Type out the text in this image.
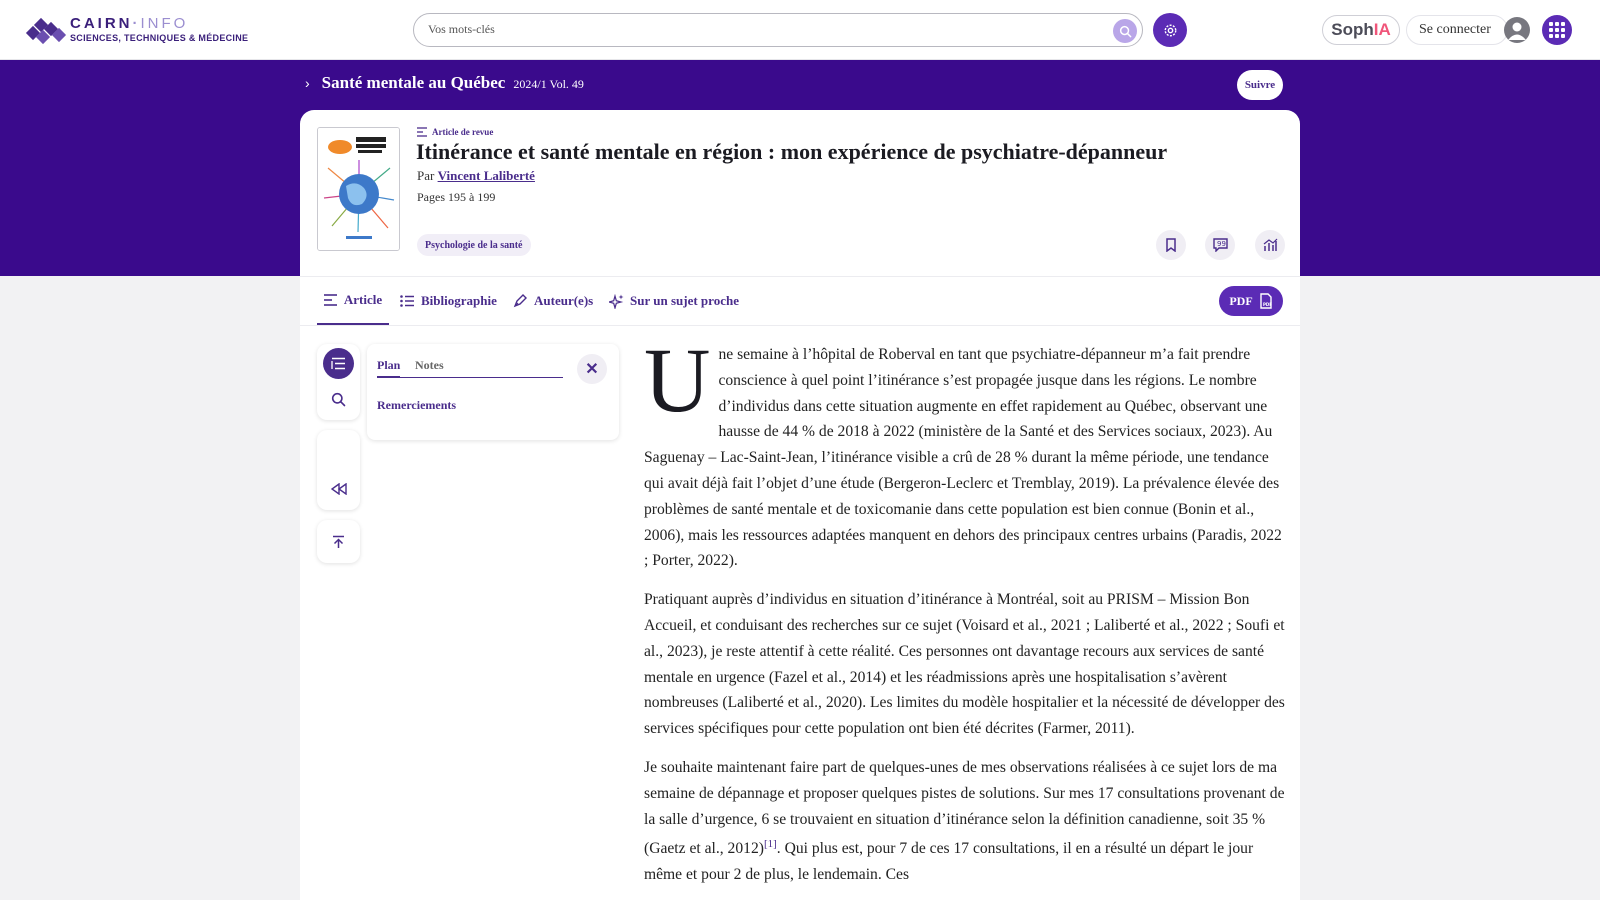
CAIRN·INFO
SCIENCES, TECHNIQUES & MÉDECINE
Vos mots-clés	Soph IA Se connecter
› Santé mentale au Québec 2024/1 Vol. 49	Suivre
Article de revue
Itinérance et santé mentale en région : mon expérience de psychiatre-dépanneur
Par Vincent Laliberté
Pages 195 à 199
Psychologie de la santé	99
Article	Bibliographie	Auteur(e)s	Sur un sujet proche	PDF	PDF
Plan Notes	✕
Remerciements Une semaine à l’hôpital de Roberval en tant que psychiatre-dépanneur m’a fait prendre conscience à quel point l’itinérance s’est propagée jusque dans les régions. Le nombre d’individus dans cette situation augmente en effet rapidement au Québec, observant une hausse de 44 % de 2018 à 2022 (ministère de la Santé et des Services sociaux, 2023). Au Saguenay – Lac-Saint-Jean, l’itinérance visible a crû de 28 % durant la même période, une tendance qui avait déjà fait l’objet d’une étude (Bergeron-Leclerc et Tremblay, 2019). La prévalence élevée des problèmes de santé mentale et de toxicomanie dans cette population est bien connue (Bonin et al., 2006), mais les ressources adaptées manquent en dehors des principaux centres urbains (Paradis, 2022 ; Porter, 2022).

Pratiquant auprès d’individus en situation d’itinérance à Montréal, soit au PRISM – Mission Bon Accueil, et conduisant des recherches sur ce sujet (Voisard et al., 2021 ; Laliberté et al., 2022 ; Soufi et al., 2023), je reste attentif à cette réalité. Ces personnes ont davantage recours aux services de santé mentale en urgence (Fazel et al., 2014) et les réadmissions après une hospitalisation s’avèrent nombreuses (Laliberté et al., 2020). Les limites du modèle hospitalier et la nécessité de développer des services spécifiques pour cette population ont bien été décrites (Farmer, 2011).

Je souhaite maintenant faire part de quelques-unes de mes observations réalisées à ce sujet lors de ma semaine de dépannage et proposer quelques pistes de solutions. Sur mes 17 consultations provenant de la salle d’urgence, 6 se trouvaient en situation d’itinérance selon la définition canadienne, soit 35 % (Gaetz et al., 2012)[1]. Qui plus est, pour 7 de ces 17 consultations, il en a résulté un départ le jour même et pour 2 de plus, le lendemain. Ces
